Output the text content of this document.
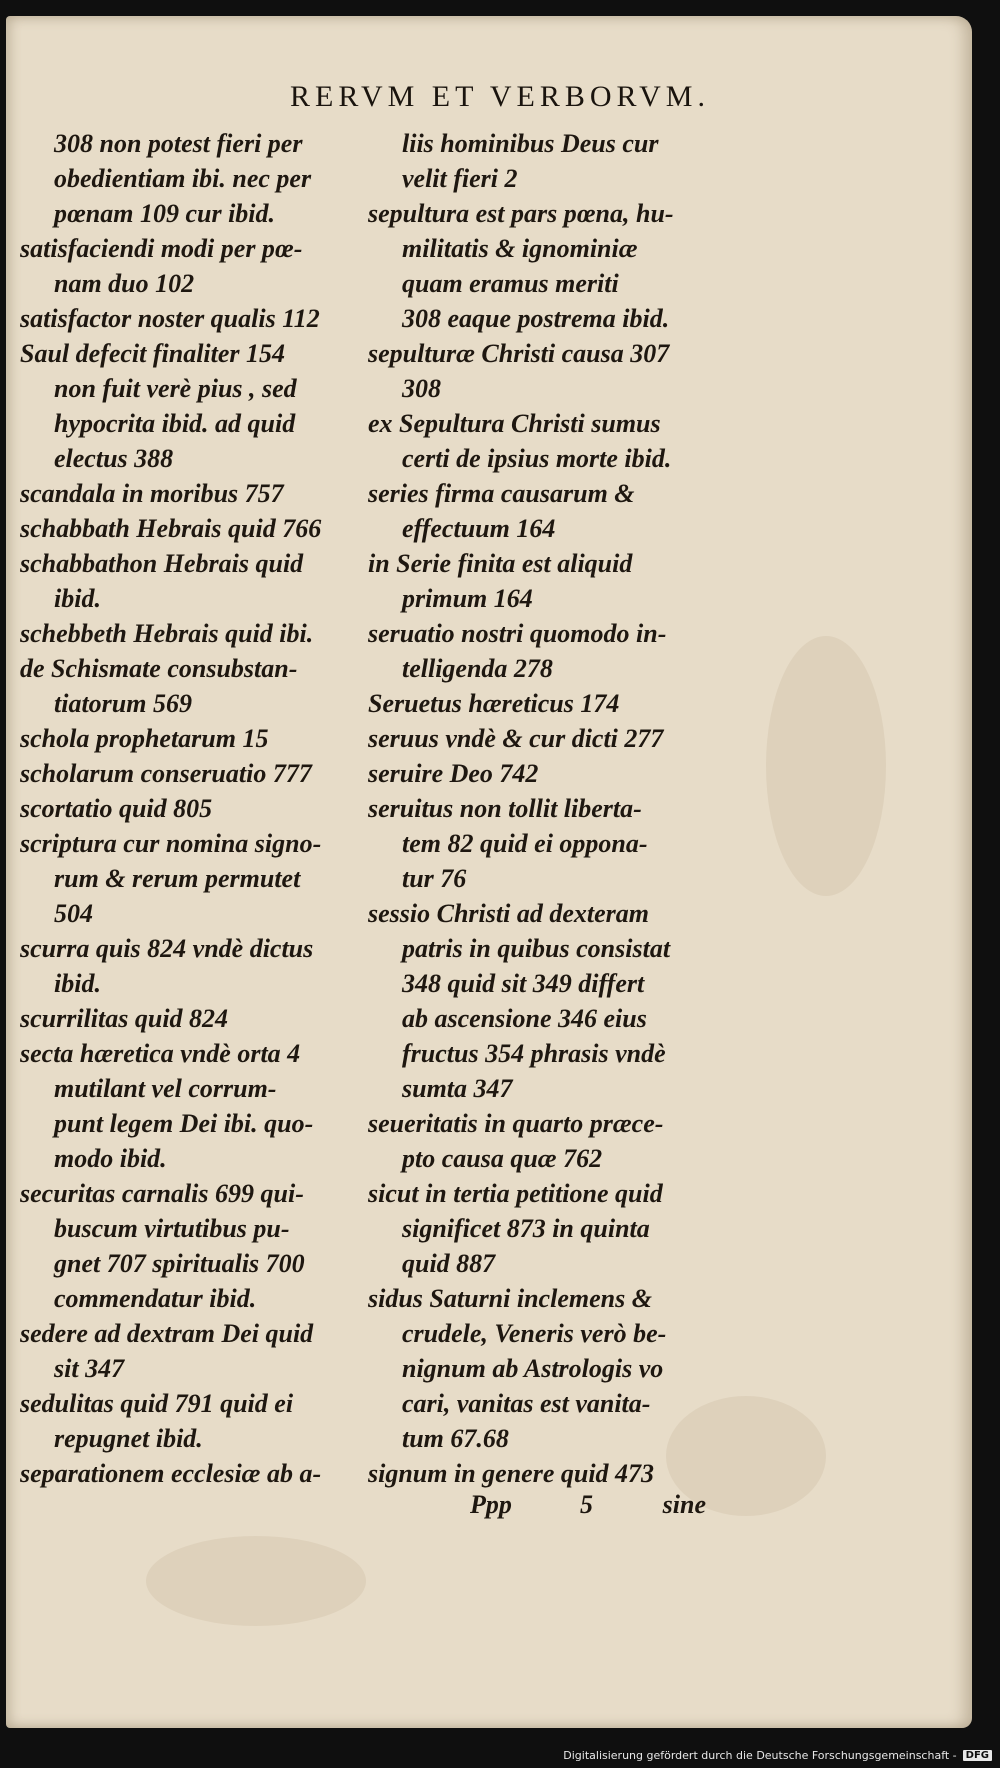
RERVM ET VERBORVM.
308 non potest fieri per
obedientiam ibi. nec per
pœnam 109 cur ibid.
satisfaciendi modi per pœ-
nam duo 102
satisfactor noster qualis 112
Saul defecit finaliter 154
non fuit verè pius , sed
hypocrita ibid. ad quid
electus 388
scandala in moribus 757
schabbath Hebrais quid 766
schabbathon Hebrais quid
ibid.
schebbeth Hebrais quid ibi.
de Schismate consubstan-
tiatorum 569
schola prophetarum 15
scholarum conseruatio 777
scortatio quid 805
scriptura cur nomina signo-
rum & rerum permutet
504
scurra quis 824 vndè dictus
ibid.
scurrilitas quid 824
secta hæretica vndè orta 4
mutilant vel corrum-
punt legem Dei ibi. quo-
modo ibid.
securitas carnalis 699 qui-
buscum virtutibus pu-
gnet 707 spiritualis 700
commendatur ibid.
sedere ad dextram Dei quid
sit 347
sedulitas quid 791 quid ei
repugnet ibid.
separationem ecclesiæ ab a-
liis hominibus Deus cur
velit fieri 2
sepultura est pars pœna, hu-
militatis & ignominiæ
quam eramus meriti
308 eaque postrema ibid.
sepulturæ Christi causa 307
308
ex Sepultura Christi sumus
certi de ipsius morte ibid.
series firma causarum &
effectuum 164
in Serie finita est aliquid
primum 164
seruatio nostri quomodo in-
telligenda 278
Seruetus hæreticus 174
seruus vndè & cur dicti 277
seruire Deo 742
seruitus non tollit liberta-
tem 82 quid ei oppona-
tur 76
sessio Christi ad dexteram
patris in quibus consistat
348 quid sit 349 differt
ab ascensione 346 eius
fructus 354 phrasis vndè
sumta 347
seueritatis in quarto præce-
pto causa quæ 762
sicut in tertia petitione quid
significet 873 in quinta
quid 887
sidus Saturni inclemens &
crudele, Veneris verò be-
nignum ab Astrologis vo
cari, vanitas est vanita-
tum 67.68
signum in genere quid 473
Ppp	5	sine
Digitalisierung gefördert durch die Deutsche Forschungsgemeinschaft - DFG
